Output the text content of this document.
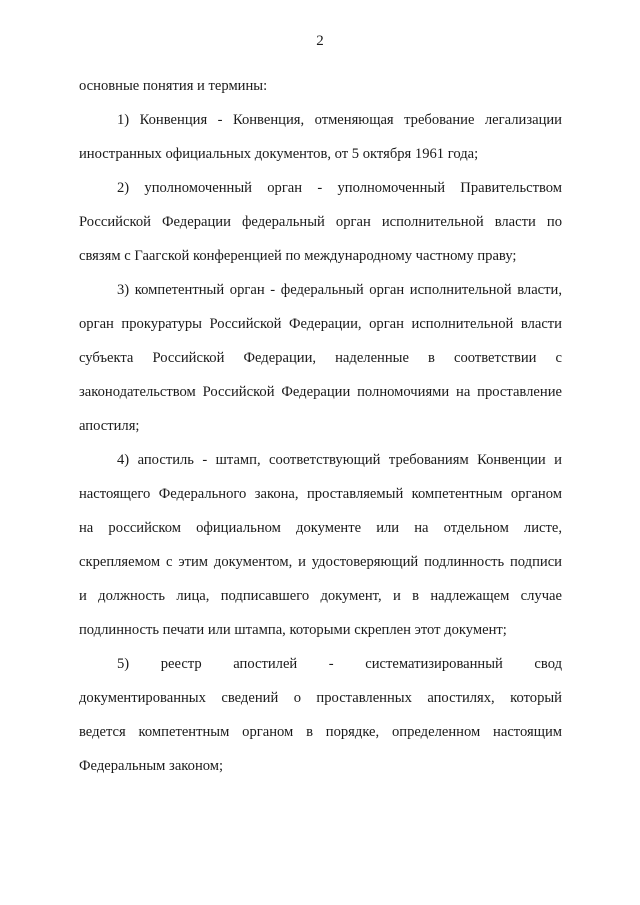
2
основные понятия и термины:
1) Конвенция - Конвенция, отменяющая требование легализации
иностранных официальных документов, от 5 октября 1961 года;
2) уполномоченный орган - уполномоченный Правительством
Российской Федерации федеральный орган исполнительной власти по
связям с Гаагской конференцией по международному частному праву;
3) компетентный орган - федеральный орган исполнительной власти,
орган прокуратуры Российской Федерации, орган исполнительной власти
субъекта Российской Федерации, наделенные в соответствии с
законодательством Российской Федерации полномочиями на проставление
апостиля;
4) апостиль - штамп, соответствующий требованиям Конвенции и
настоящего Федерального закона, проставляемый компетентным органом
на российском официальном документе или на отдельном листе,
скрепляемом с этим документом, и удостоверяющий подлинность подписи
и должность лица, подписавшего документ, и в надлежащем случае
подлинность печати или штампа, которыми скреплен этот документ;
5) реестр апостилей - систематизированный свод
документированных сведений о проставленных апостилях, который
ведется компетентным органом в порядке, определенном настоящим
Федеральным законом;
